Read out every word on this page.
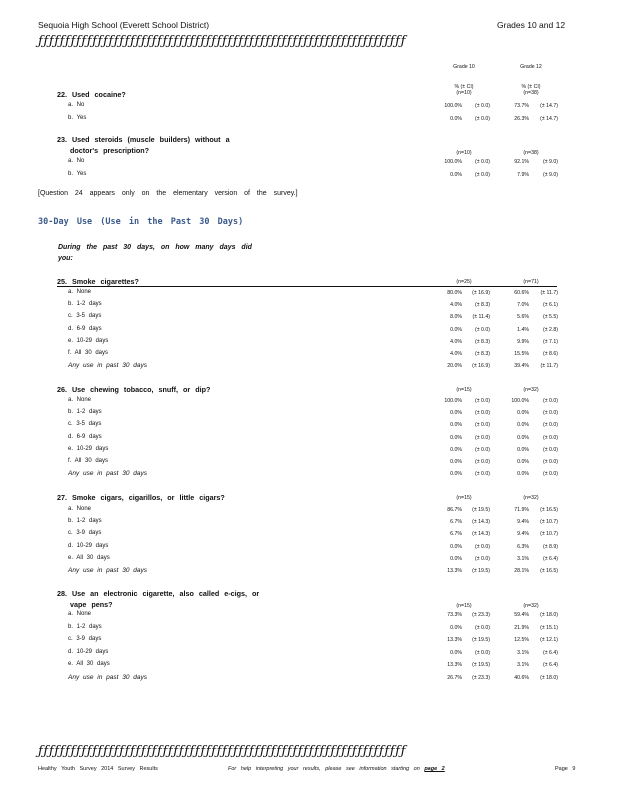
Sequoia High School (Everett School District)	Grades 10 and 12
ƒƒƒƒƒƒƒƒƒƒƒƒƒƒƒƒƒƒƒƒƒƒƒƒƒƒƒƒƒƒƒƒƒƒƒƒƒƒƒƒƒƒƒƒƒƒƒƒƒƒƒƒƒƒƒƒƒƒƒƒƒƒƒƒƒƒƒƒ
Grade 10	Grade 12
% (± CI)	% (± CI)
(n=10)	(n=38)
22. Used cocaine?
a. No	100.0%	(± 0.0)	73.7%	(± 14.7)
b. Yes	0.0%	(± 0.0)	26.3%	(± 14.7)
23. Used steroids (muscle builders) without a
doctor's prescription?	(n=10)	(n=38)
a. No	100.0%	(± 0.0)	92.1%	(± 9.0)
b. Yes	0.0%	(± 0.0)	7.9%	(± 9.0)
[Question 24 appears only on the elementary version of the survey.]
30-Day Use (Use in the Past 30 Days)
During the past 30 days, on how many days did
you:
25. Smoke cigarettes?	(n=25)	(n=71)
a. None	80.0%	(± 16.9)	60.6%	(± 11.7)
b. 1-2 days	4.0%	(± 8.3)	7.0%	(± 6.1)
c. 3-5 days	8.0%	(± 11.4)	5.6%	(± 5.5)
d. 6-9 days	0.0%	(± 0.0)	1.4%	(± 2.8)
e. 10-29 days	4.0%	(± 8.3)	9.9%	(± 7.1)
f. All 30 days	4.0%	(± 8.3)	15.5%	(± 8.6)
Any use in past 30 days	20.0%	(± 16.9)	39.4%	(± 11.7)
26. Use chewing tobacco, snuff, or dip?	(n=15)	(n=32)
a. None	100.0%	(± 0.0)	100.0%	(± 0.0)
b. 1-2 days	0.0%	(± 0.0)	0.0%	(± 0.0)
c. 3-5 days	0.0%	(± 0.0)	0.0%	(± 0.0)
d. 6-9 days	0.0%	(± 0.0)	0.0%	(± 0.0)
e. 10-29 days	0.0%	(± 0.0)	0.0%	(± 0.0)
f. All 30 days	0.0%	(± 0.0)	0.0%	(± 0.0)
Any use in past 30 days	0.0%	(± 0.0)	0.0%	(± 0.0)
27. Smoke cigars, cigarillos, or little cigars?	(n=15)	(n=32)
a. None	86.7%	(± 19.5)	71.9%	(± 16.5)
b. 1-2 days	6.7%	(± 14.3)	9.4%	(± 10.7)
c. 3-9 days	6.7%	(± 14.3)	9.4%	(± 10.7)
d. 10-29 days	0.0%	(± 0.0)	6.3%	(± 8.9)
e. All 30 days	0.0%	(± 0.0)	3.1%	(± 6.4)
Any use in past 30 days	13.3%	(± 19.5)	28.1%	(± 16.5)
28. Use an electronic cigarette, also called e-cigs, or
vape pens?	(n=15)	(n=32)
a. None	73.3%	(± 23.3)	59.4%	(± 18.0)
b. 1-2 days	0.0%	(± 0.0)	21.9%	(± 15.1)
c. 3-9 days	13.3%	(± 19.5)	12.5%	(± 12.1)
d. 10-29 days	0.0%	(± 0.0)	3.1%	(± 6.4)
e. All 30 days	13.3%	(± 19.5)	3.1%	(± 6.4)
Any use in past 30 days	26.7%	(± 23.3)	40.6%	(± 18.0)
ƒƒƒƒƒƒƒƒƒƒƒƒƒƒƒƒƒƒƒƒƒƒƒƒƒƒƒƒƒƒƒƒƒƒƒƒƒƒƒƒƒƒƒƒƒƒƒƒƒƒƒƒƒƒƒƒƒƒƒƒƒƒƒƒƒƒƒƒ
Healthy Youth Survey 2014 Survey Results	For help interpreting your results, please see information starting on page 2	Page 9
